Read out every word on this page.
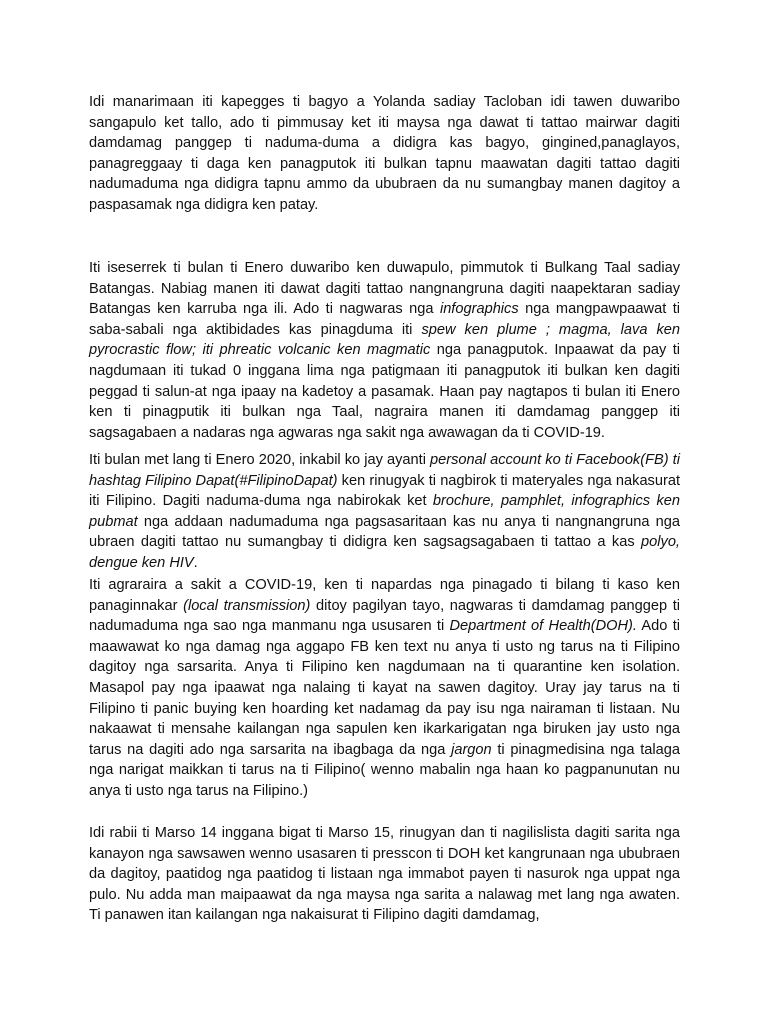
Idi manarimaan iti kapegges ti bagyo a Yolanda sadiay Tacloban idi tawen duwaribo sangapulo ket tallo, ado ti pimmusay ket iti maysa nga dawat ti tattao mairwar dagiti damdamag panggep ti naduma-duma a didigra kas bagyo, gingined,panaglayos, panagreggaay ti daga ken panagputok iti bulkan tapnu maawatan dagiti tattao dagiti nadumaduma nga didigra tapnu ammo da ububraen da nu sumangbay manen dagitoy a paspasamak nga didigra ken patay.

Iti iseserrek ti bulan ti Enero duwaribo ken duwapulo, pimmutok ti Bulkang Taal sadiay Batangas. Nabiag manen iti dawat dagiti tattao nangnangruna dagiti naapektaran sadiay Batangas ken karruba nga ili. Ado ti nagwaras nga infographics nga mangpawpaawat ti saba-sabali nga aktibidades kas pinagduma iti spew ken plume ; magma, lava ken pyrocrastic flow; iti phreatic volcanic ken magmatic nga panagputok. Inpaawat da pay ti nagdumaan iti tukad 0 inggana lima nga patigmaan iti panagputok iti bulkan ken dagiti peggad ti salun-at nga ipaay na kadetoy a pasamak. Haan pay nagtapos ti bulan iti Enero ken ti pinagputik iti bulkan nga Taal, nagraira manen iti damdamag panggep iti sagsagabaen a nadaras nga agwaras nga sakit nga awawagan da ti COVID-19.

Iti bulan met lang ti Enero 2020, inkabil ko jay ayanti personal account ko ti Facebook(FB) ti hashtag Filipino Dapat(#FilipinoDapat) ken rinugyak ti nagbirok ti materyales nga nakasurat iti Filipino. Dagiti naduma-duma nga nabirokak ket brochure, pamphlet, infographics ken pubmat nga addaan nadumaduma nga pagsasaritaan kas nu anya ti nangnangruna nga ubraen dagiti tattao nu sumangbay ti didigra ken sagsagsagabaen ti tattao a kas polyo, dengue ken HIV.

Iti agraraira a sakit a COVID-19, ken ti napardas nga pinagado ti bilang ti kaso ken panaginnakar (local transmission) ditoy pagilyan tayo, nagwaras ti damdamag panggep ti nadumaduma nga sao nga manmanu nga ususaren ti Department of Health(DOH). Ado ti maawawat ko nga damag nga aggapo FB ken text nu anya ti usto ng tarus na ti Filipino dagitoy nga sarsarita. Anya ti Filipino ken nagdumaan na ti quarantine ken isolation. Masapol pay nga ipaawat nga nalaing ti kayat na sawen dagitoy. Uray jay tarus na ti Filipino ti panic buying ken hoarding ket nadamag da pay isu nga nairaman ti listaan. Nu nakaawat ti mensahe kailangan nga sapulen ken ikarkarigatan nga biruken jay usto nga tarus na dagiti ado nga sarsarita na ibagbaga da nga jargon ti pinagmedisina nga talaga nga narigat maikkan ti tarus na ti Filipino( wenno mabalin nga haan ko pagpanunutan nu anya ti usto nga tarus na Filipino.)

Idi rabii ti Marso 14 inggana bigat ti Marso 15, rinugyan dan ti nagilislista dagiti sarita nga kanayon nga sawsawen wenno usasaren ti presscon ti DOH ket kangrunaan nga ububraen da dagitoy, paatidog nga paatidog ti listaan nga immabot payen ti nasurok nga uppat nga pulo. Nu adda man maipaawat da nga maysa nga sarita a nalawag met lang nga awaten. Ti panawen itan kailangan nga nakaisurat ti Filipino dagiti damdamag,
